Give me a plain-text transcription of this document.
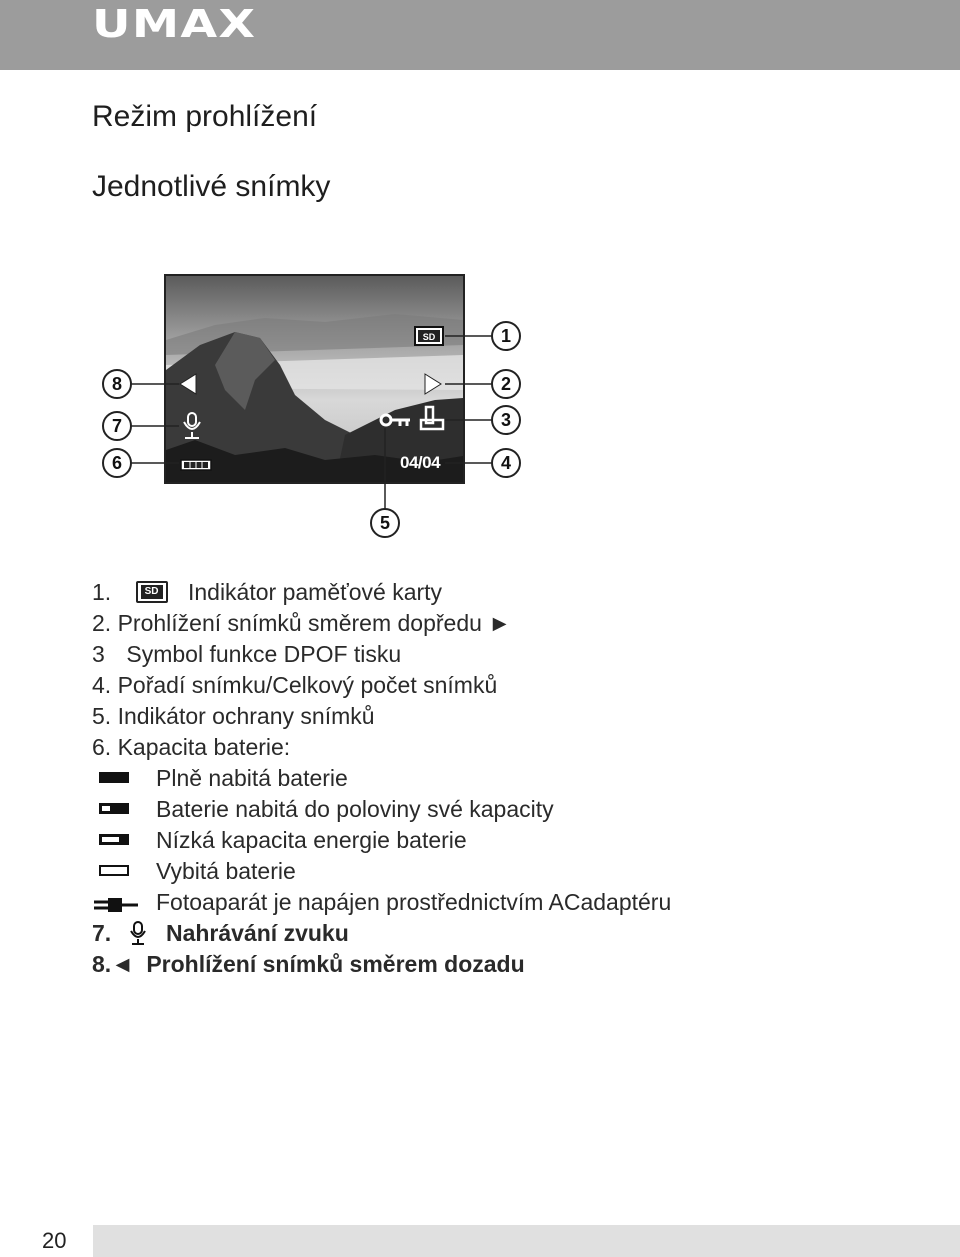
UMAX
Režim prohlížení
Jednotlivé snímky
SD
04/04
1
2
3
4
5
6
7
8
1.	SD Indikátor paměťové karty
2. Prohlížení snímků směrem dopředu ►
3 Symbol funkce DPOF tisku
4. Pořadí snímku/Celkový počet snímků
5. Indikátor ochrany snímků
6. Kapacita baterie:
Plně nabitá baterie
Baterie nabitá do poloviny své kapacity
Nízká kapacita energie baterie
Vybitá baterie
Fotoaparát je napájen prostřednictvím ACadaptéru
7. Nahrávání zvuku
8.◄ Prohlížení snímků směrem dozadu
20
